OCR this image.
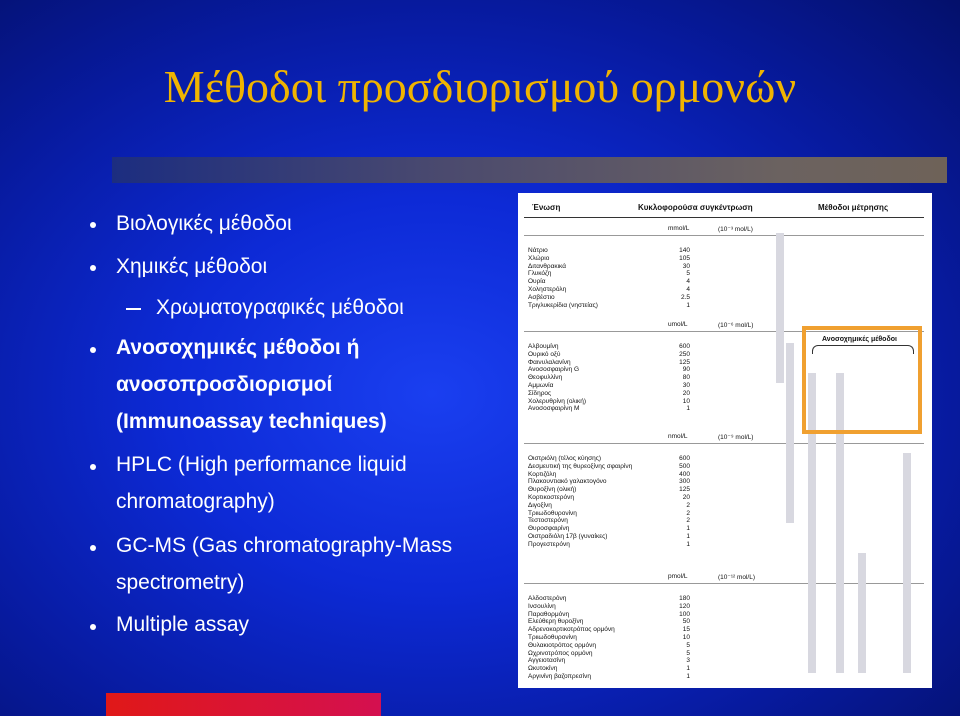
Μέθοδοι προσδιορισμού ορμονών
Βιολογικές μέθοδοι
Χημικές μέθοδοι
Χρωματογραφικές μέθοδοι
Ανοσοχημικές μέθοδοι ή
ανοσοπροσδιορισμοί
(Immunoassay techniques)
HPLC (High performance liquid
chromatography)
GC-MS (Gas chromatography-Mass
spectrometry)
Multiple assay
Ένωση	Κυκλοφορούσα συγκέντρωση	Μέθοδοι μέτρησης
mmol/L	(10⁻³ mol/L)
Νάτριο	140
Χλώριο	105
Διτανθρακικά	30
Γλυκόζη	5
Ουρία	4
Χοληστερόλη	4
Ασβέστιο	2.5
Τριγλυκερίδια (νηστείας)	1
umol/L	(10⁻⁶ mol/L)
Αλβουμίνη	600
Ουρικό οξύ	250
Φαινυλαλανίνη	125
Ανοσοσφαιρίνη G	90
Θεοφυλλίνη	80
Αμμωνία	30
Σίδηρος	20
Χολερυθρίνη (ολική)	10
Ανοσοσφαιρίνη Μ	1
nmol/L	(10⁻⁹ mol/L)
Οιστριόλη (τέλος κύησης)	600
Δεσμευτική της θυρεοξίνης σφαιρίνη	500
Κορτιζόλη	400
Πλακουντιακό γαλακτογόνο	300
Θυροξίνη (ολική)	125
Κορτικοστερόνη	20
Διγοξίνη	2
Τριιωδοθυρονίνη	2
Τεστοστερόνη	2
Θυροσφαιρίνη	1
Οιστραδιόλη 17β (γυναίκες)	1
Προγεστερόνη	1
pmol/L	(10⁻¹² mol/L)
Αλδοστερόνη	180
Ινσουλίνη	120
Παραθορμόνη	100
Ελεύθερη θυροξίνη	50
Αδρενοκορτικοτρόπος ορμόνη	15
Τριιωδοθυρονίνη	10
Θυλακιοτρόπος ορμόνη	5
Ωχρινοτρόπος ορμόνη	5
Αγγειοτασίνη	3
Ωκυτοκίνη	1
Αργινίνη βαζοπρεσίνη	1
Ανοσοχημικές μέθοδοι
